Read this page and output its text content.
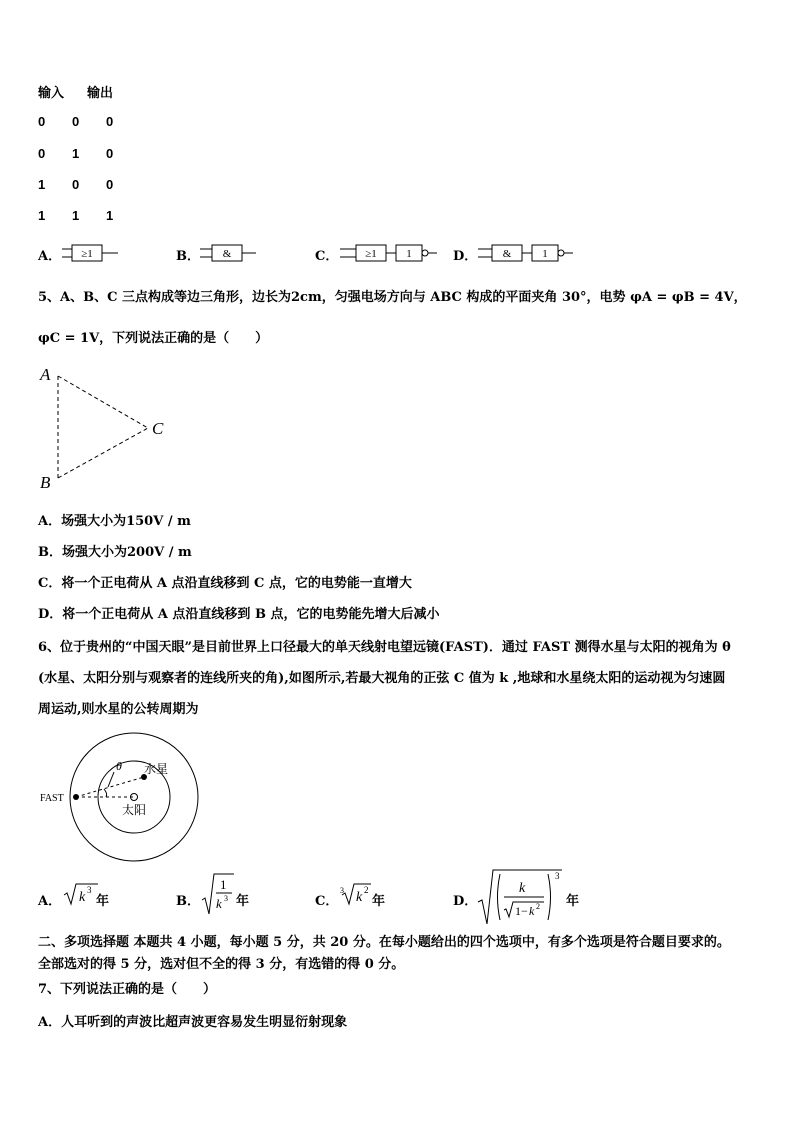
输入 输出
0 0 0
0 1 0
1 0 0
1 1 1
A． ≥1	B． &	C． ≥1	1	D． &	1
5、A、B、C 三点构成等边三角形，边长为2cm，匀强电场方向与 ABC 构成的平面夹角 30°，电势 φA = φB = 4V，
φC = 1V，下列说法正确的是（　　）
A
B
C
A．场强大小为150V / m
B．场强大小为200V / m
C．将一个正电荷从 A 点沿直线移到 C 点，它的电势能一直增大
D．将一个正电荷从 A 点沿直线移到 B 点，它的电势能先增大后减小
6、位于贵州的“中国天眼”是目前世界上口径最大的单天线射电望远镜(FAST)．通过 FAST 测得水星与太阳的视角为 θ
(水星、太阳分别与观察者的连线所夹的角),如图所示,若最大视角的正弦 C 值为 k ,地球和水星绕太阳的运动视为匀速圆
周运动,则水星的公转周期为
θ
FAST
水星
太阳
A． k 3
年	B．
1
k 3 年	C．
3 k 2
年	D．
3
k
1− k 2 年
二、多项选择题 本题共 4 小题，每小题 5 分，共 20 分。在每小题给出的四个选项中，有多个选项是符合题目要求的。
全部选对的得 5 分，选对但不全的得 3 分，有选错的得 0 分。
7、下列说法正确的是（　　）
A．人耳听到的声波比超声波更容易发生明显衍射现象
